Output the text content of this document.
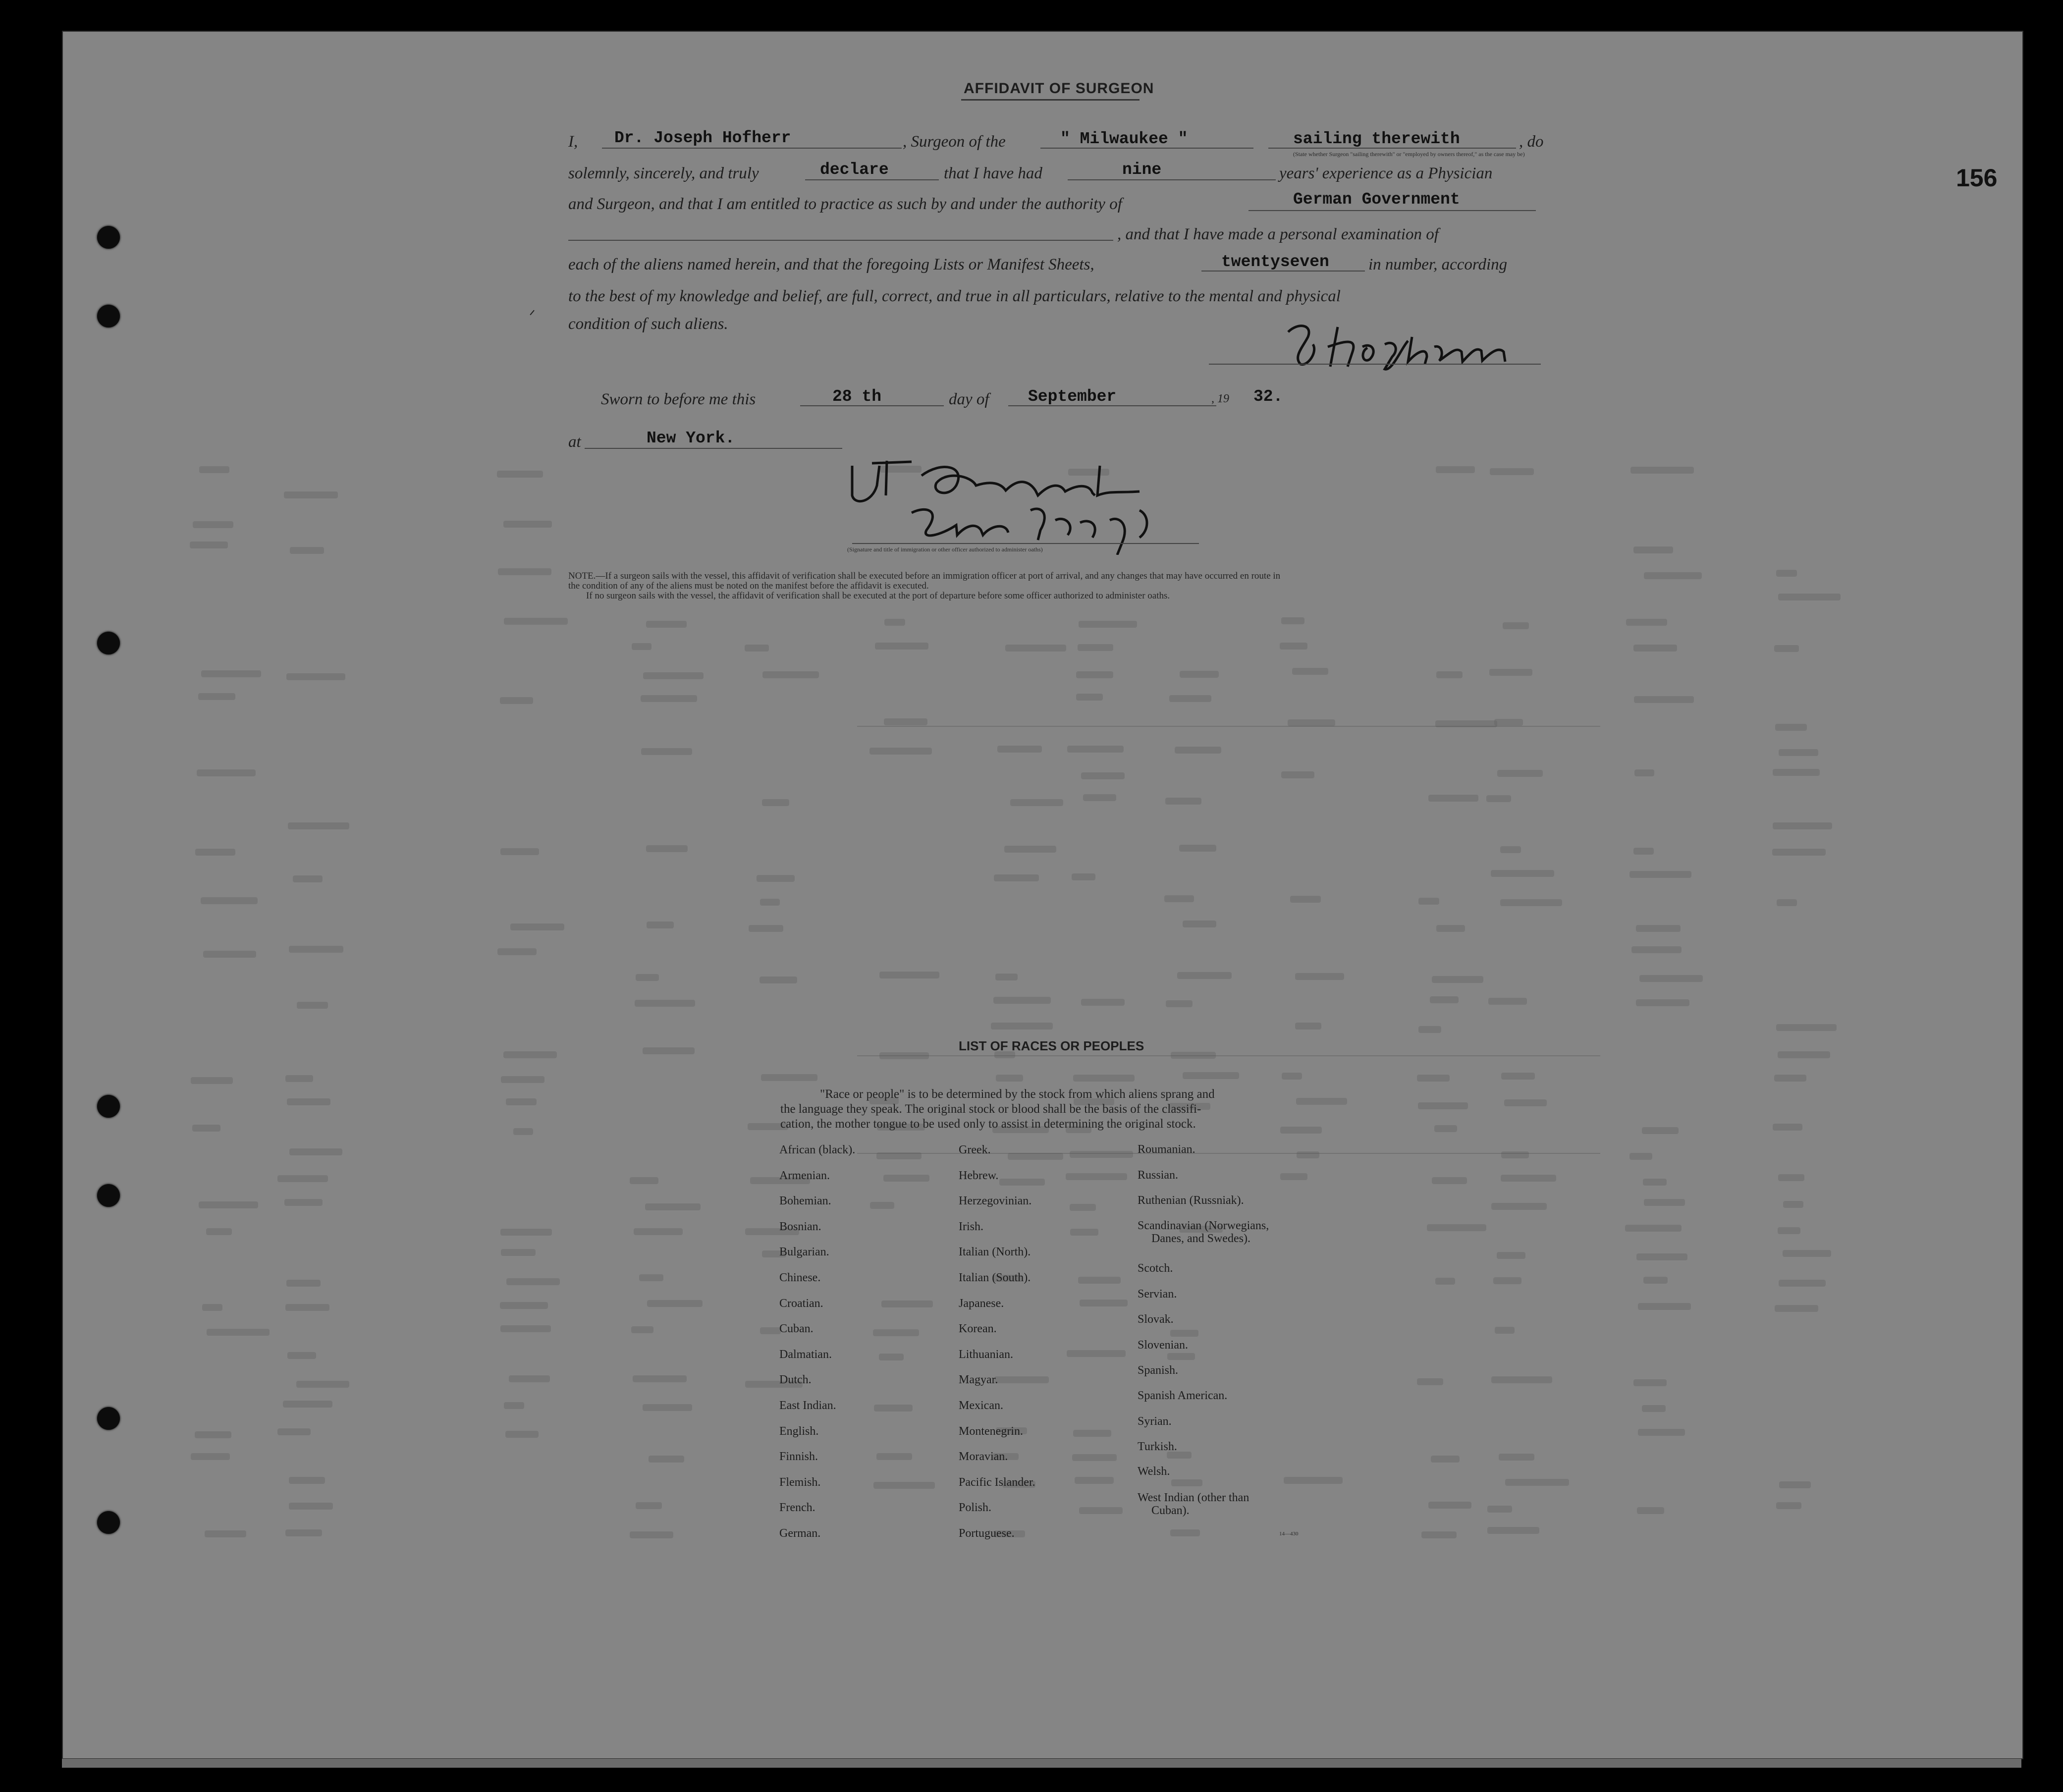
156
AFFIDAVIT OF SURGEON
I, Dr. Joseph Hofherr	, Surgeon of the	" Milwaukee "	sailing therewith	, do
(State whether Surgeon "sailing therewith" or "employed by owners thereof," as the case may be)
solemnly, sincerely, and truly	declare	that I have had	nine	years' experience as a Physician
and Surgeon, and that I am entitled to practice as such by and under the authority of	German Government
, and that I have made a personal examination of
each of the aliens named herein, and that the foregoing Lists or Manifest Sheets,	twentyseven in number, according
to the best of my knowledge and belief, are full, correct, and true in all particulars, relative to the mental and physical
condition of such aliens.
ᐟ
Sworn to before me this	28 th	day of September	, 19 32.
at	New York.
(Signature and title of immigration or other officer authorized to administer oaths)
NOTE.—If a surgeon sails with the vessel, this affidavit of verification shall be executed before an immigration officer at port of arrival, and any changes that may have occurred en route in
the condition of any of the aliens must be noted on the manifest before the affidavit is executed.
If no surgeon sails with the vessel, the affidavit of verification shall be executed at the port of departure before some officer authorized to administer oaths.
LIST OF RACES OR PEOPLES
"Race or people" is to be determined by the stock from which aliens sprang and
the language they speak. The original stock or blood shall be the basis of the classifi-
cation, the mother tongue to be used only to assist in determining the original stock.
African (black).
Armenian.
Bohemian.
Bosnian.
Bulgarian.
Chinese.
Croatian.
Cuban.
Dalmatian.
Dutch.
East Indian.
English.
Finnish.
Flemish.
French.
German.
Greek.
Hebrew.
Herzegovinian.
Irish.
Italian (North).
Italian (South).
Japanese.
Korean.
Lithuanian.
Magyar.
Mexican.
Montenegrin.
Moravian.
Pacific Islander.
Polish.
Portuguese.
Roumanian.
Russian.
Ruthenian (Russniak).
Scandinavian (Norwegians,
Danes, and Swedes).
Scotch.
Servian.
Slovak.
Slovenian.
Spanish.
Spanish American.
Syrian.
Turkish.
Welsh.
West Indian (other than
Cuban).
14—430
